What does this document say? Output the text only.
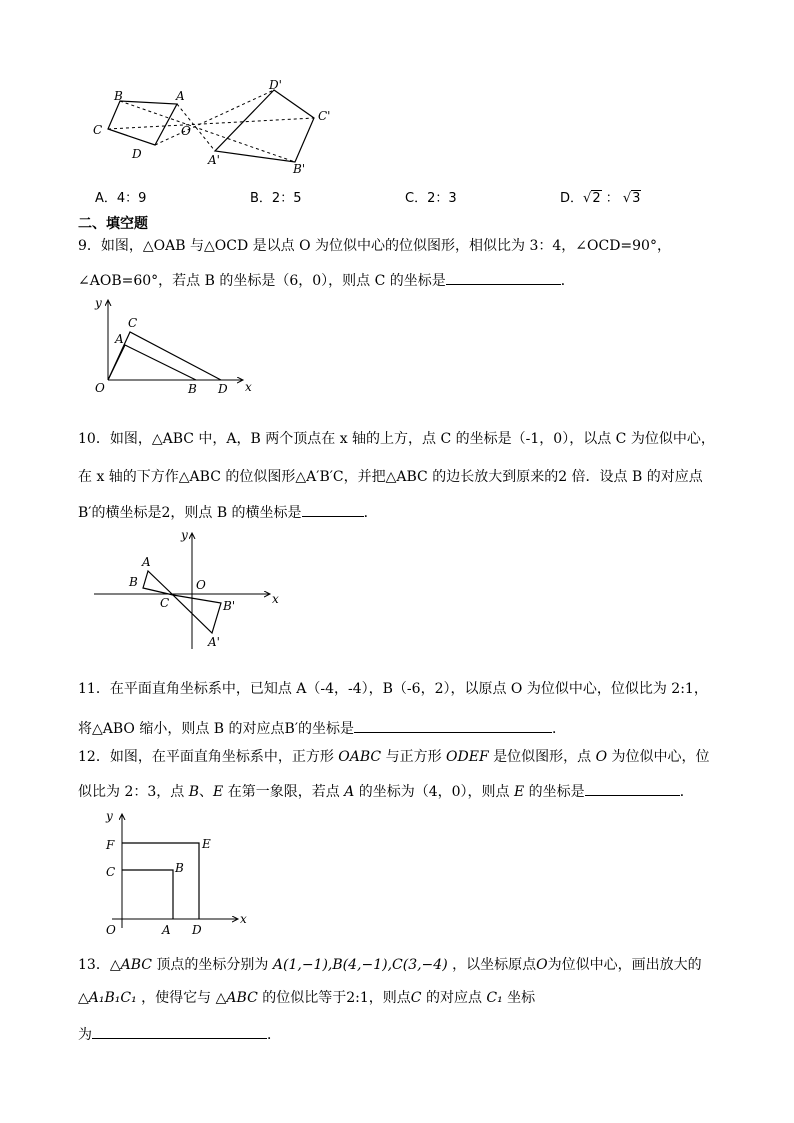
B	A
C	O
D
D'
C'
A'
B'
A．4：9	B．2：5	C．2：3	D．√2 ： √3
二、填空题
9．如图，△OAB 与△OCD 是以点 O 为位似中心的位似图形，相似比为 3：4，∠OCD=90°，
∠AOB=60°，若点 B 的坐标是（6，0），则点 C 的坐标是	．
y
C
A
O	B D x
10．如图，△ABC 中，A，B 两个顶点在 x 轴的上方，点 C 的坐标是（-1，0），以点 C 为位似中心，
在 x 轴的下方作△ABC 的位似图形△A′B′C，并把△ABC 的边长放大到原来的2 倍．设点 B 的对应点
B′的横坐标是2，则点 B 的横坐标是	．
A
B	O
C	B'	x
y
A'
11．在平面直角坐标系中，已知点 A（-4，-4），B（-6，2），以原点 O 为位似中心，位似比为 2:1，
将△ABO 缩小，则点 B 的对应点B′的坐标是	．
12．如图，在平面直角坐标系中，正方形 OABC 与正方形 ODEF 是位似图形，点 O 为位似中心，位
似比为 2：3，点 B、E 在第一象限，若点 A 的坐标为（4，0），则点 E 的坐标是	．
y
F	E
C	B
O	A D
x
13．△ABC 顶点的坐标分别为 A(1,−1),B(4,−1),C(3,−4) ，以坐标原点O为位似中心，画出放大的
△A₁B₁C₁ ，使得它与 △ABC 的位似比等于2:1，则点C 的对应点 C₁ 坐标
为	．
